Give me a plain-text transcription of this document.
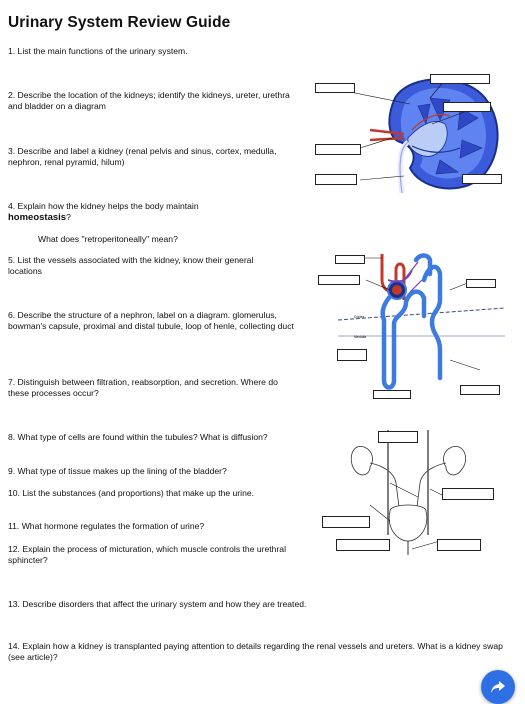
Urinary System Review Guide
1. List the main functions of the urinary system.
2. Describe the location of the kidneys; identify the kidneys, ureter, urethra and bladder on a diagram
3. Describe and label a kidney (renal pelvis and sinus, cortex, medulla, nephron, renal pyramid, hilum)
4. Explain how the kidney helps the body maintain
homeostasis?
What does "retroperitoneally" mean?
5. List the vessels associated with the kidney, know their general locations
6. Describe the structure of a nephron, label on a diagram. glomerulus, bowman's capsule, proximal and distal tubule, loop of henle, collecting duct
7. Distinguish between filtration, reabsorption, and secretion. Where do these processes occur?
8. What type of cells are found within the tubules? What is diffusion?
9. What type of tissue makes up the lining of the bladder?
10. List the substances (and proportions) that make up the urine.
11. What hormone regulates the formation of urine?
12. Explain the process of micturation, which muscle controls the urethral sphincter?
13. Describe disorders that affect the urinary system and how they are treated.
14. Explain how a kidney is transplanted paying attention to details regarding the renal vessels and ureters. What is a kidney swap (see article)?
Cortex
Medulla
